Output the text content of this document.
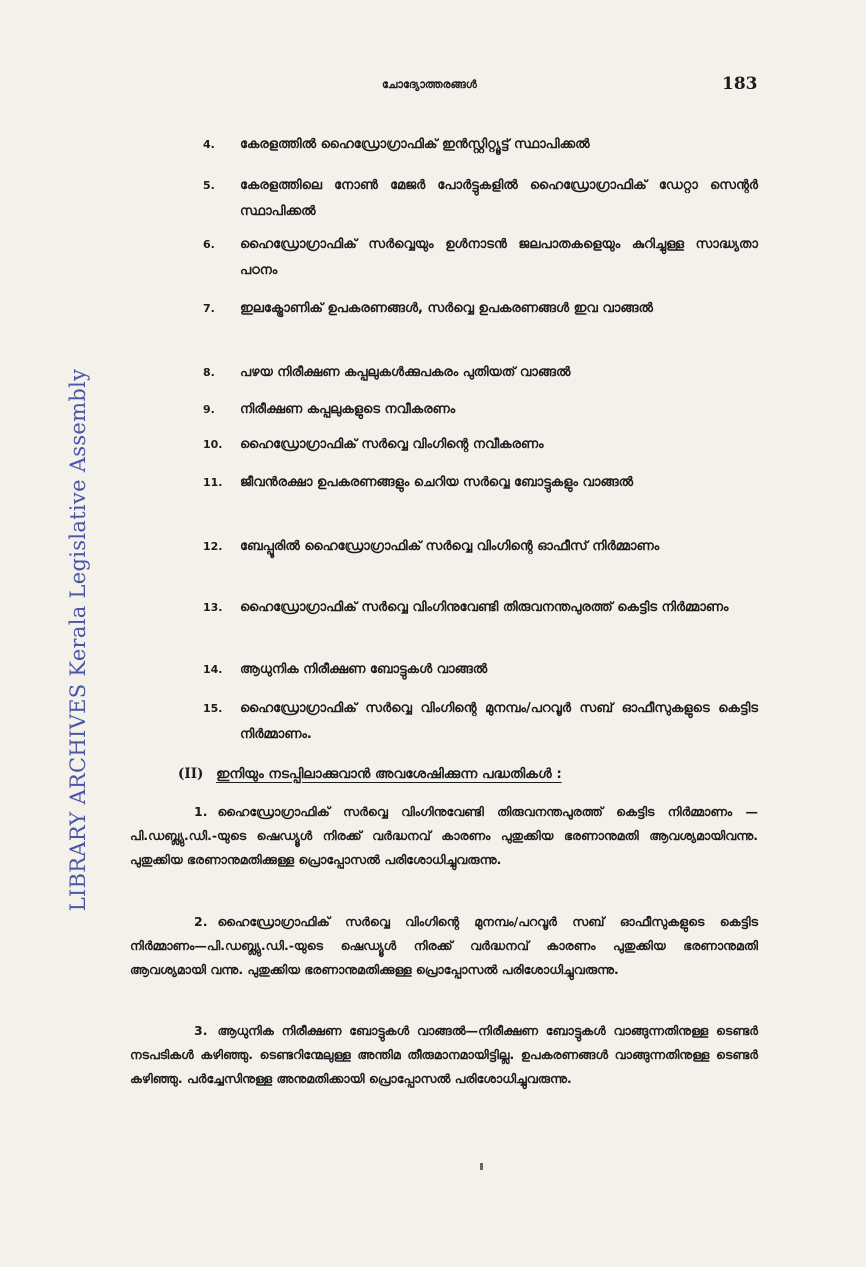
LIBRARY ARCHIVES Kerala Legislative Assembly
ചോദ്യോത്തരങ്ങൾ	183
4.	കേരളത്തിൽ ഹൈഡ്രോഗ്രാഫിക് ഇൻസ്റ്റിറ്റ്യൂട്ട് സ്ഥാപിക്കൽ
5.	കേരളത്തിലെ നോൺ മേജർ പോർട്ടുകളിൽ ഹൈഡ്രോഗ്രാഫിക് ഡേറ്റാ സെന്റർ സ്ഥാപിക്കൽ
6.	ഹൈഡ്രോഗ്രാഫിക് സർവ്വെയും ഉൾനാടൻ ജലപാതകളെയും കുറിച്ചുള്ള സാദ്ധ്യതാ പഠനം
7.	ഇലക്ട്രോണിക് ഉപകരണങ്ങൾ, സർവ്വെ ഉപകരണങ്ങൾ ഇവ വാങ്ങൽ
8.	പഴയ നിരീക്ഷണ കപ്പലുകൾക്കുപകരം പുതിയത് വാങ്ങൽ
9.	നിരീക്ഷണ കപ്പലുകളുടെ നവീകരണം
10.	ഹൈഡ്രോഗ്രാഫിക് സർവ്വെ വിംഗിന്റെ നവീകരണം
11.	ജീവൻരക്ഷാ ഉപകരണങ്ങളും ചെറിയ സർവ്വെ ബോട്ടുകളും വാങ്ങൽ
12.	ബേപ്പൂരിൽ ഹൈഡ്രോഗ്രാഫിക് സർവ്വെ വിംഗിന്റെ ഓഫീസ് നിർമ്മാണം
13.	ഹൈഡ്രോഗ്രാഫിക് സർവ്വെ വിംഗിനുവേണ്ടി തിരുവനന്തപുരത്ത് കെട്ടിട നിർമ്മാണം
14.	ആധുനിക നിരീക്ഷണ ബോട്ടുകൾ വാങ്ങൽ
15.	ഹൈഡ്രോഗ്രാഫിക് സർവ്വെ വിംഗിന്റെ മുനമ്പം/പറവൂർ സബ് ഓഫീസുകളുടെ കെട്ടിട നിർമ്മാണം.
(II) ഇനിയും നടപ്പിലാക്കുവാൻ അവശേഷിക്കുന്ന പദ്ധതികൾ :
1. ഹൈഡ്രോഗ്രാഫിക് സർവ്വെ വിംഗിനുവേണ്ടി തിരുവനന്തപുരത്ത് കെട്ടിട നിർമ്മാണം —പി.ഡബ്ല്യു.ഡി.-യുടെ ഷെഡ്യൂൾ നിരക്ക് വർദ്ധനവ് കാരണം പുതുക്കിയ ഭരണാനുമതി ആവശ്യമായിവന്നു. പുതുക്കിയ ഭരണാനുമതിക്കുള്ള പ്രൊപ്പോസൽ പരിശോധിച്ചുവരുന്നു.
2. ഹൈഡ്രോഗ്രാഫിക് സർവ്വെ വിംഗിന്റെ മുനമ്പം/പറവൂർ സബ് ഓഫീസുകളുടെ കെട്ടിട നിർമ്മാണം—പി.ഡബ്ല്യു.ഡി.-യുടെ ഷെഡ്യൂൾ നിരക്ക് വർദ്ധനവ് കാരണം പുതുക്കിയ ഭരണാനുമതി ആവശ്യമായി വന്നു. പുതുക്കിയ ഭരണാനുമതിക്കുള്ള പ്രൊപ്പോസൽ പരിശോധിച്ചുവരുന്നു.
3. ആധുനിക നിരീക്ഷണ ബോട്ടുകൾ വാങ്ങൽ—നിരീക്ഷണ ബോട്ടുകൾ വാങ്ങുന്നതിനുള്ള ടെണ്ടർ നടപടികൾ കഴിഞ്ഞു. ടെണ്ടറിന്മേലുള്ള അന്തിമ തീരുമാനമായിട്ടില്ല. ഉപകരണങ്ങൾ വാങ്ങുന്നതിനുള്ള ടെണ്ടർ കഴിഞ്ഞു. പർച്ചേസിനുള്ള അനുമതിക്കായി പ്രൊപ്പോസൽ പരിശോധിച്ചുവരുന്നു.
